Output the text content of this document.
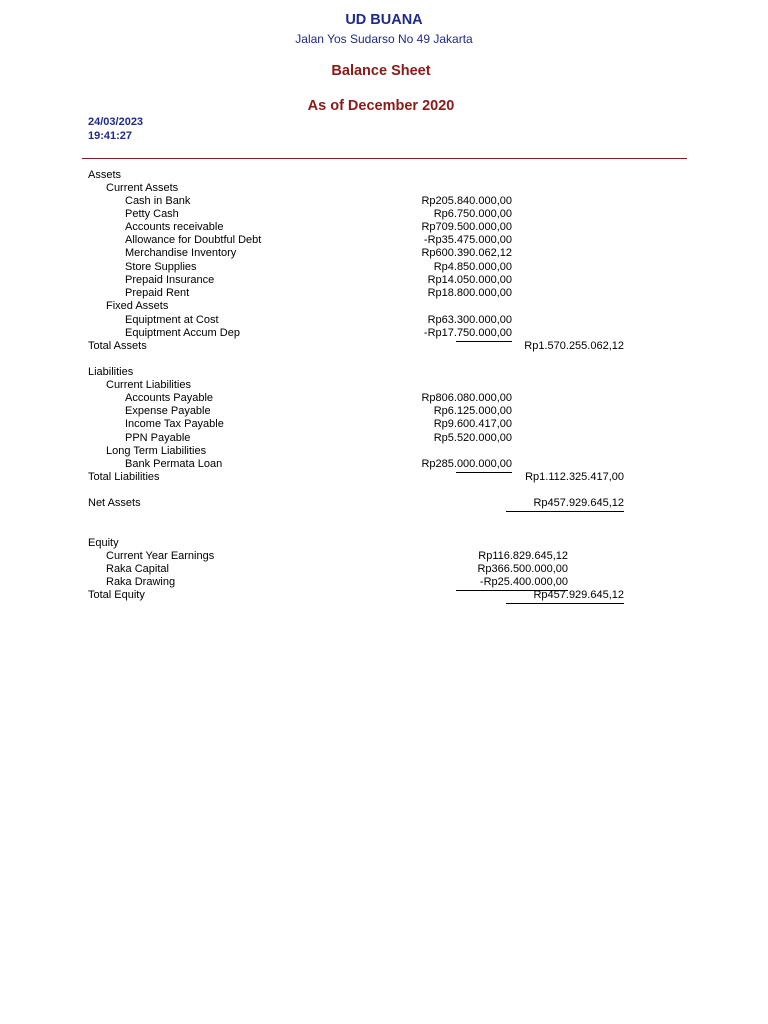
UD BUANA
Jalan Yos Sudarso No 49 Jakarta
Balance Sheet
As of December 2020
24/03/2023
19:41:27
Assets
Current Assets
Cash in Bank	Rp205.840.000,00
Petty Cash	Rp6.750.000,00
Accounts receivable	Rp709.500.000,00
Allowance for Doubtful Debt	-Rp35.475.000,00
Merchandise Inventory	Rp600.390.062,12
Store Supplies	Rp4.850.000,00
Prepaid Insurance	Rp14.050.000,00
Prepaid Rent	Rp18.800.000,00
Fixed Assets
Equiptment at Cost	Rp63.300.000,00
Equiptment Accum Dep	-Rp17.750.000,00
Total Assets	Rp1.570.255.062,12
Liabilities
Current Liabilities
Accounts Payable	Rp806.080.000,00
Expense Payable	Rp6.125.000,00
Income Tax Payable	Rp9.600.417,00
PPN Payable	Rp5.520.000,00
Long Term Liabilities
Bank Permata Loan	Rp285.000.000,00
Total Liabilities	Rp1.112.325.417,00
Net Assets	Rp457.929.645,12
Equity
Current Year Earnings	Rp116.829.645,12
Raka Capital	Rp366.500.000,00
Raka Drawing	-Rp25.400.000,00
Total Equity	Rp457.929.645,12
